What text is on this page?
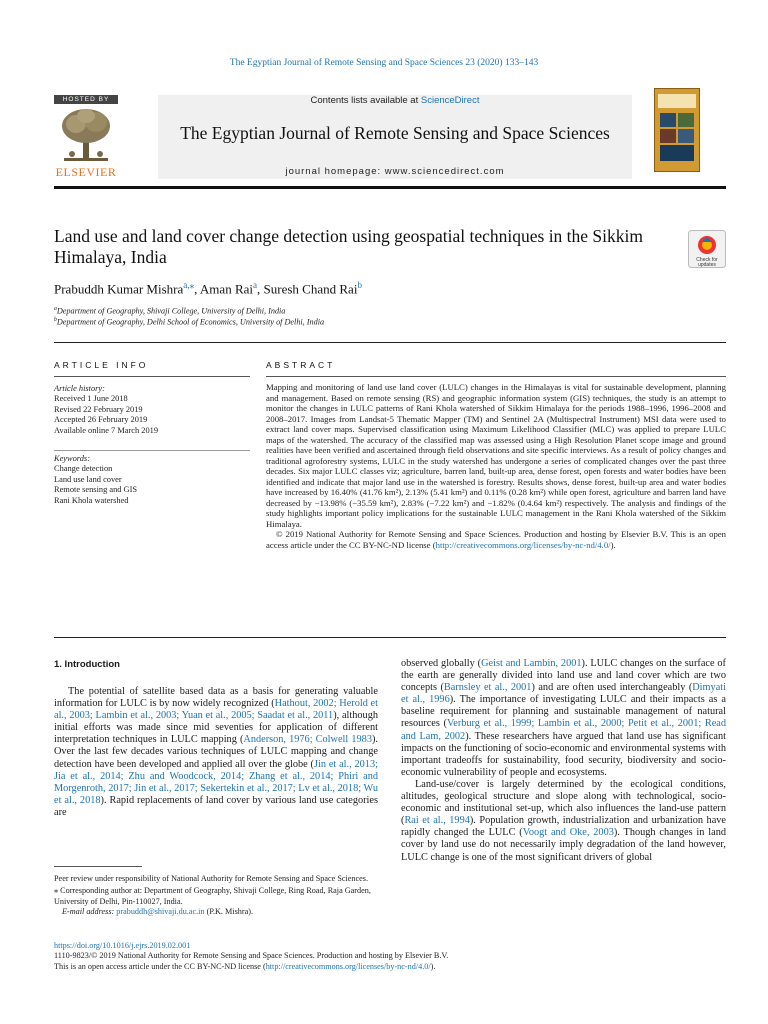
The Egyptian Journal of Remote Sensing and Space Sciences 23 (2020) 133–143
HOSTED BY
ELSEVIER
Contents lists available at ScienceDirect
The Egyptian Journal of Remote Sensing and Space Sciences
journal homepage: www.sciencedirect.com
Land use and land cover change detection using geospatial techniques in the Sikkim Himalaya, India	Check for
updates
Prabuddh Kumar Mishra$^{a,⁎}$, Aman Rai$^a$, Suresh Chand Rai$^b$
$^a$Department of Geography, Shivaji College, University of Delhi, India
$^b$Department of Geography, Delhi School of Economics, University of Delhi, India
ARTICLE INFO
Article history:
Received 1 June 2018
Revised 22 February 2019
Accepted 26 February 2019
Available online 7 March 2019
Keywords:
Change detection
Land use land cover
Remote sensing and GIS
Rani Khola watershed
ABSTRACT
Mapping and monitoring of land use land cover (LULC) changes in the Himalayas is vital for sustainable development, planning and management. Based on remote sensing (RS) and geographic information system (GIS) techniques, the study is an attempt to monitor the changes in LULC patterns of Rani Khola watershed of Sikkim Himalaya for the periods 1988–1996, 1996–2008 and 2008–2017. Images from Landsat-5 Thematic Mapper (TM) and Sentinel 2A (Multispectral Instrument) MSI data were used to extract land cover maps. Supervised classification using Maximum Likelihood Classifier (MLC) was applied to prepare LULC maps of the watershed. The accuracy of the classified map was assessed using a High Resolution Planet scope image and ground realities have been verified and ascertained through field observations and site specific interviews. As a result of policy changes and traditional agroforestry systems, LULC in the study watershed has undergone a series of complicated changes over the past three decades. Six major LULC classes viz; agriculture, barren land, built-up area, dense forest, open forests and water bodies have been identified and indicate that major land use in the watershed is forestry. Results shows, dense forest, built-up area and water bodies have increased by 16.40% (41.76 km²), 2.13% (5.41 km²) and 0.11% (0.28 km²) while open forest, agriculture and barren land have decreased by −13.98% (−35.59 km²), 2.83% (−7.22 km²) and −1.82% (0.4.64 km²) respectively. The analysis and findings of the study highlights important policy implications for the sustainable LULC management in the Rani Khola watershed of the Sikkim Himalaya.
© 2019 National Authority for Remote Sensing and Space Sciences. Production and hosting by Elsevier B.V. This is an open access article under the CC BY-NC-ND license (http://creativecommons.org/licenses/by-nc-nd/4.0/).
1. Introduction

The potential of satellite based data as a basis for generating valuable information for LULC is by now widely recognized (Hathout, 2002; Herold et al., 2003; Lambin et al., 2003; Yuan et al., 2005; Saadat et al., 2011), although initial efforts was made since mid seventies for application of different interpretation techniques in LULC mapping (Anderson, 1976; Colwell 1983). Over the last few decades various techniques of LULC mapping and change detection have been developed and applied all over the globe (Jin et al., 2013; Jia et al., 2014; Zhu and Woodcock, 2014; Zhang et al., 2014; Phiri and Morgenroth, 2017; Jin et al., 2017; Sekertekin et al., 2017; Lv et al., 2018; Wu et al., 2018). Rapid replacements of land cover by various land use categories are

observed globally (Geist and Lambin, 2001). LULC changes on the surface of the earth are generally divided into land use and land cover which are two concepts (Barnsley et al., 2001) and are often used interchangeably (Dimyati et al., 1996). The importance of investigating LULC and their impacts as a baseline requirement for planning and sustainable management of natural resources (Verburg et al., 1999; Lambin et al., 2000; Petit et al., 2001; Read and Lam, 2002). These researchers have argued that land use has significant impacts on the functioning of socio-economic and environmental systems with important tradeoffs for sustainability, food security, biodiversity and socio-economic vulnerability of people and ecosystems.

Land-use/cover is largely determined by the ecological conditions, altitudes, geological structure and slope along with technological, socio-economic and institutional set-up, which also influences the land-use pattern (Rai et al., 1994). Population growth, industrialization and urbanization have rapidly changed the LULC (Voogt and Oke, 2003). Though changes in land cover by land use do not necessarily imply degradation of the land however, LULC change is one of the most significant drivers of global

Peer review under responsibility of National Authority for Remote Sensing and Space Sciences.
⁎ Corresponding author at: Department of Geography, Shivaji College, Ring Road, Raja Garden, University of Delhi, Pin-110027, India.
E-mail address: prabuddh@shivaji.du.ac.in (P.K. Mishra).
https://doi.org/10.1016/j.ejrs.2019.02.001
1110-9823/© 2019 National Authority for Remote Sensing and Space Sciences. Production and hosting by Elsevier B.V.
This is an open access article under the CC BY-NC-ND license (http://creativecommons.org/licenses/by-nc-nd/4.0/).
